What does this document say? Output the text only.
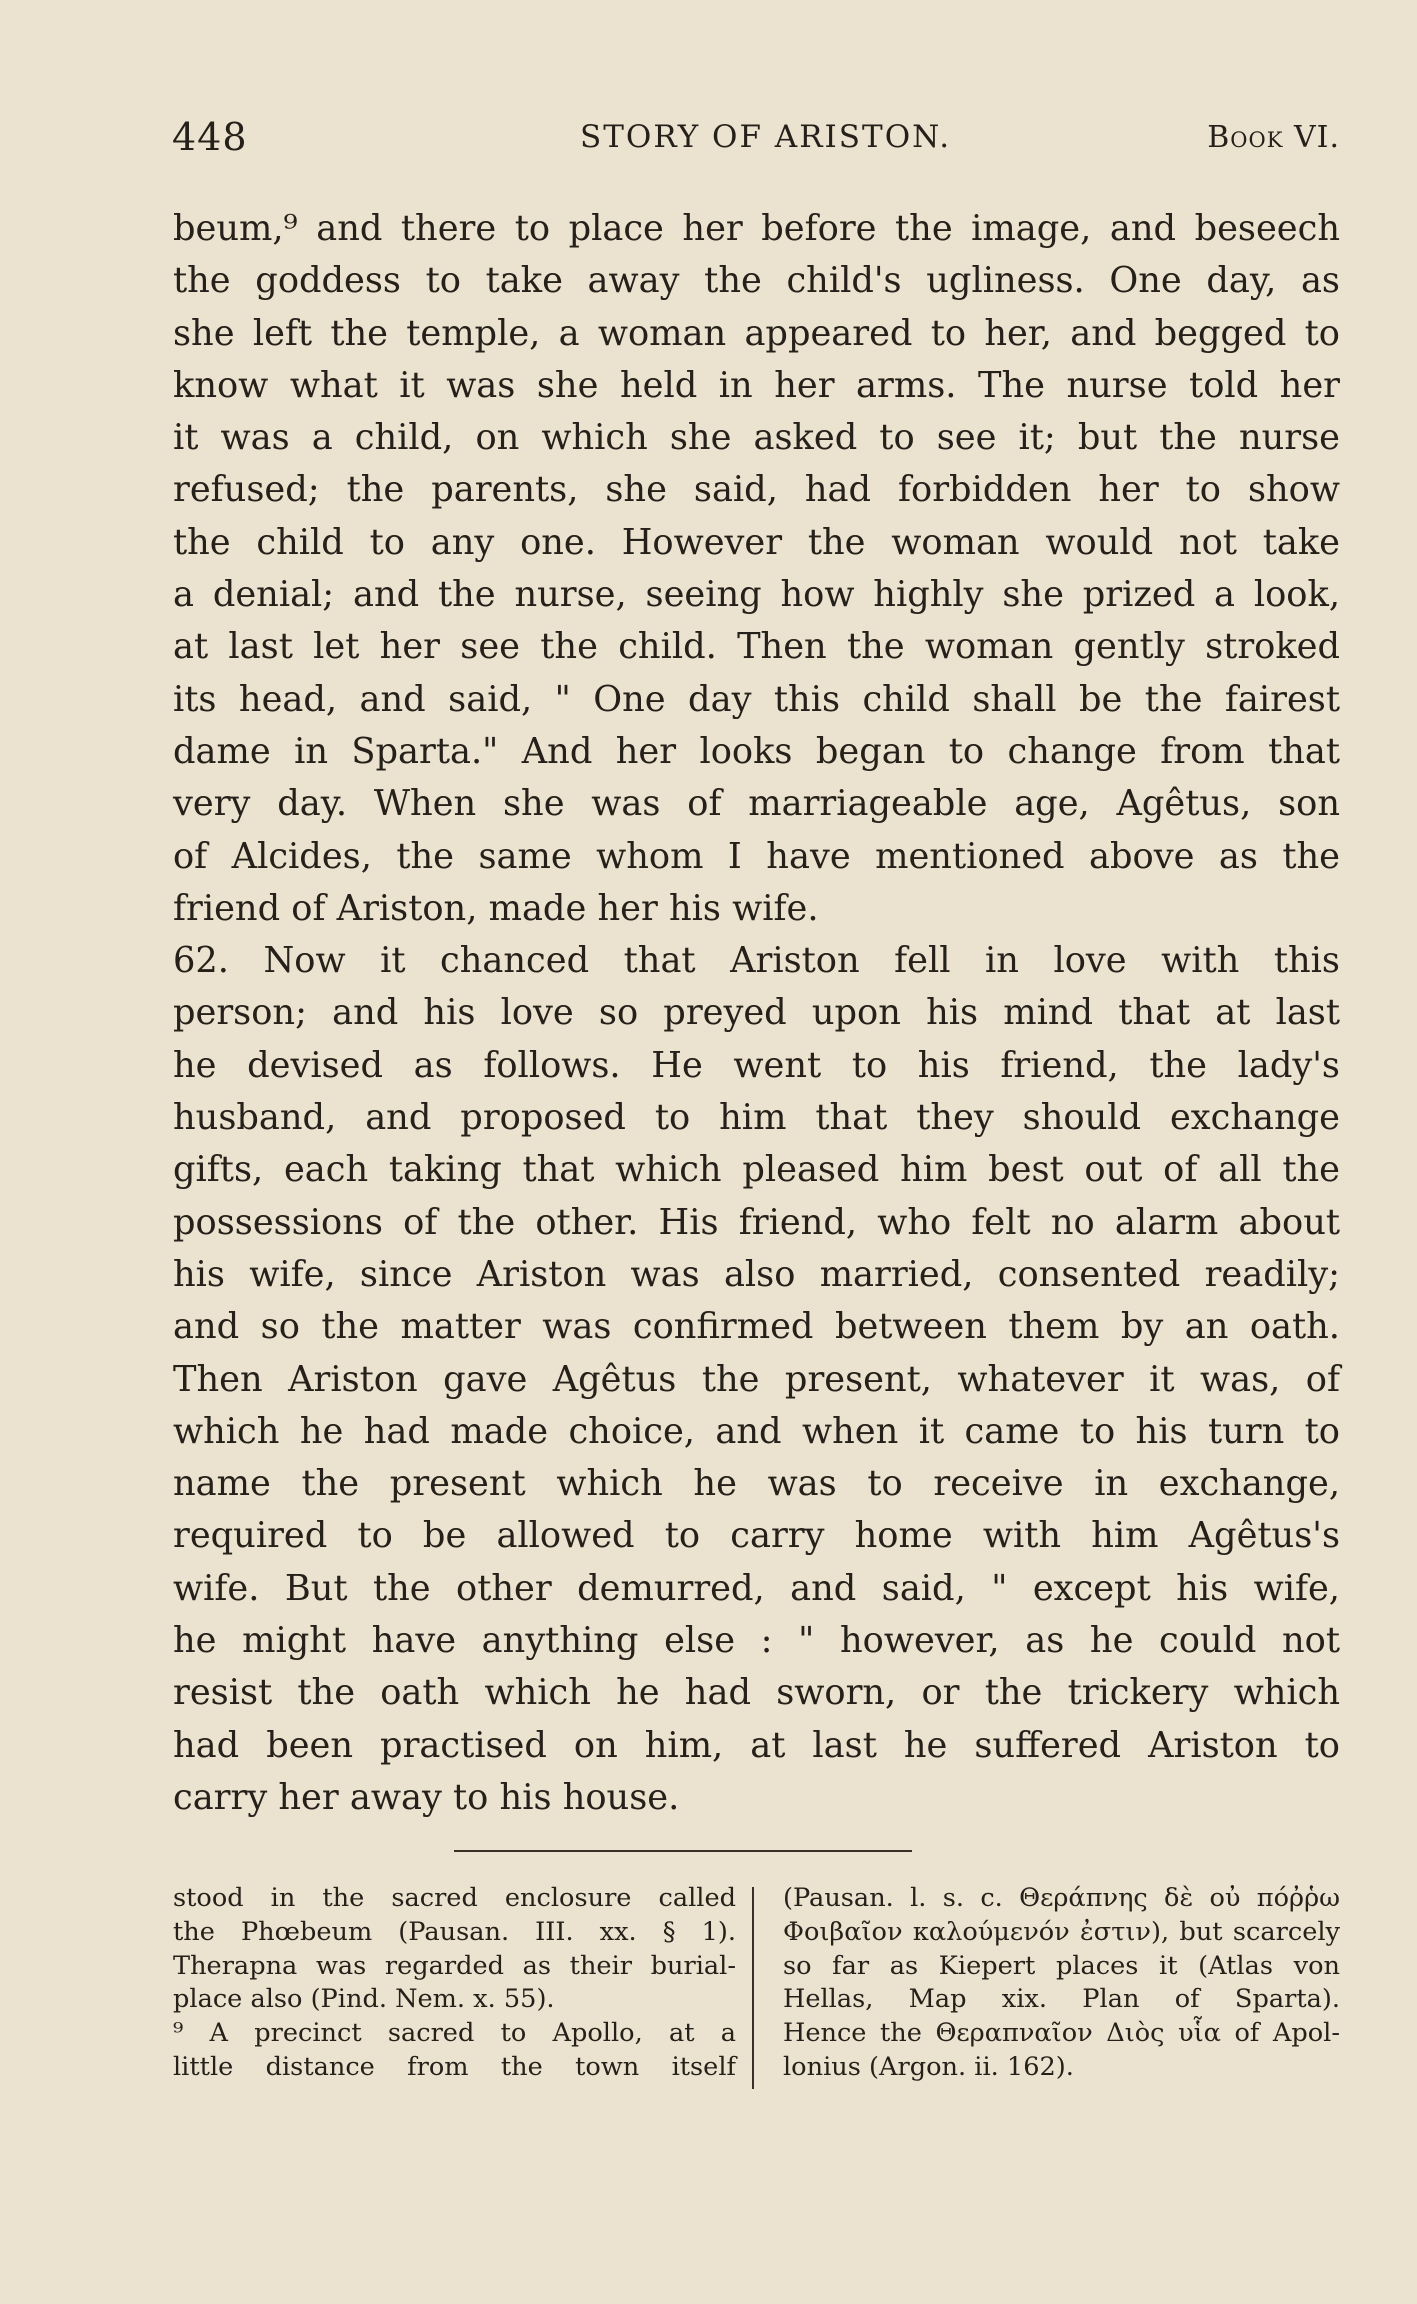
448	STORY OF ARISTON.	Book VI.
beum,⁹ and there to place her before the image, and beseech
the goddess to take away the child's ugliness. One day, as
she left the temple, a woman appeared to her, and begged to
know what it was she held in her arms. The nurse told her
it was a child, on which she asked to see it; but the nurse
refused; the parents, she said, had forbidden her to show
the child to any one. However the woman would not take
a denial; and the nurse, seeing how highly she prized a look,
at last let her see the child. Then the woman gently stroked
its head, and said, " One day this child shall be the fairest
dame in Sparta." And her looks began to change from that
very day. When she was of marriageable age, Agêtus, son
of Alcides, the same whom I have mentioned above as the
friend of Ariston, made her his wife.
62. Now it chanced that Ariston fell in love with this
person; and his love so preyed upon his mind that at last
he devised as follows. He went to his friend, the lady's
husband, and proposed to him that they should exchange
gifts, each taking that which pleased him best out of all the
possessions of the other. His friend, who felt no alarm about
his wife, since Ariston was also married, consented readily;
and so the matter was confirmed between them by an oath.
Then Ariston gave Agêtus the present, whatever it was, of
which he had made choice, and when it came to his turn to
name the present which he was to receive in exchange,
required to be allowed to carry home with him Agêtus's
wife. But the other demurred, and said, " except his wife,
he might have anything else : " however, as he could not
resist the oath which he had sworn, or the trickery which
had been practised on him, at last he suffered Ariston to
carry her away to his house.
stood in the sacred enclosure called
the Phœbeum (Pausan. III. xx. § 1).
Therapna was regarded as their burial-
place also (Pind. Nem. x. 55).
⁹ A precinct sacred to Apollo, at a
little distance from the town itself
(Pausan. l. s. c. Θεράπνης δὲ οὐ πόῤῥω
Φοιβαῖον καλούμενόν ἐστιν), but scarcely
so far as Kiepert places it (Atlas von
Hellas, Map xix. Plan of Sparta).
Hence the Θεραπναῖον Διὸς υἷα of Apol-
lonius (Argon. ii. 162).
